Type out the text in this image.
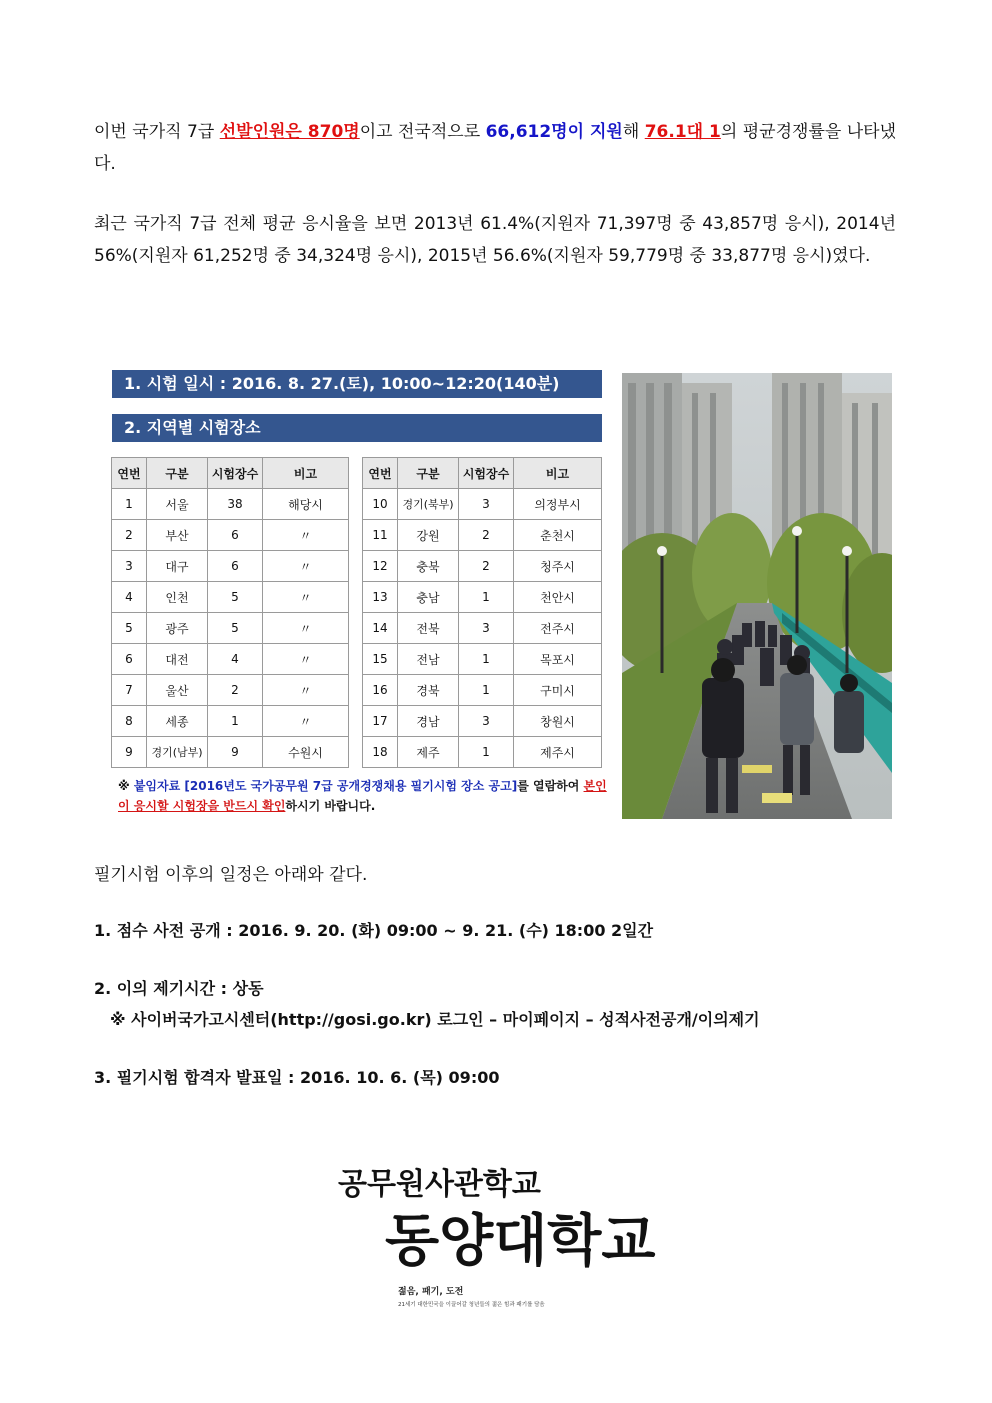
이번 국가직 7급 선발인원은 870명이고 전국적으로 66,612명이 지원해 76.1대 1의 평균경쟁률을 나타냈다.
최근 국가직 7급 전체 평균 응시율을 보면 2013년 61.4%(지원자 71,397명 중 43,857명 응시), 2014년 56%(지원자 61,252명 중 34,324명 응시), 2015년 56.6%(지원자 59,779명 중 33,877명 응시)였다.
1. 시험 일시 : 2016. 8. 27.(토), 10:00~12:20(140분)
2. 지역별 시험장소
연번	구분	시험장수	비고
1	서울	38	해당시
2	부산	6	〃
3	대구	6	〃
4	인천	5	〃
5	광주	5	〃
6	대전	4	〃
7	울산	2	〃
8	세종	1	〃
9	경기(남부)	9	수원시
연번	구분	시험장수	비고
10	경기(북부)	3	의정부시
11	강원	2	춘천시
12	충북	2	청주시
13	충남	1	천안시
14	전북	3	전주시
15	전남	1	목포시
16	경북	1	구미시
17	경남	3	창원시
18	제주	1	제주시
※ 붙임자료 [2016년도 국가공무원 7급 공개경쟁채용 필기시험 장소 공고]를 열람하여 본인이 응시할 시험장을 반드시 확인하시기 바랍니다.
필기시험 이후의 일정은 아래와 같다.
1. 점수 사전 공개 : 2016. 9. 20. (화) 09:00 ~ 9. 21. (수) 18:00 2일간
2. 이의 제기시간 : 상동
※ 사이버국가고시센터(http://gosi.go.kr) 로그인 – 마이페이지 – 성적사전공개/이의제기
3. 필기시험 합격자 발표일 : 2016. 10. 6. (목) 09:00
공무원사관학교
동양대학교
젊음, 패기, 도전
21세기 대한민국을 이끌어갈 청년들의 젊은 힘과 패기를 담음
